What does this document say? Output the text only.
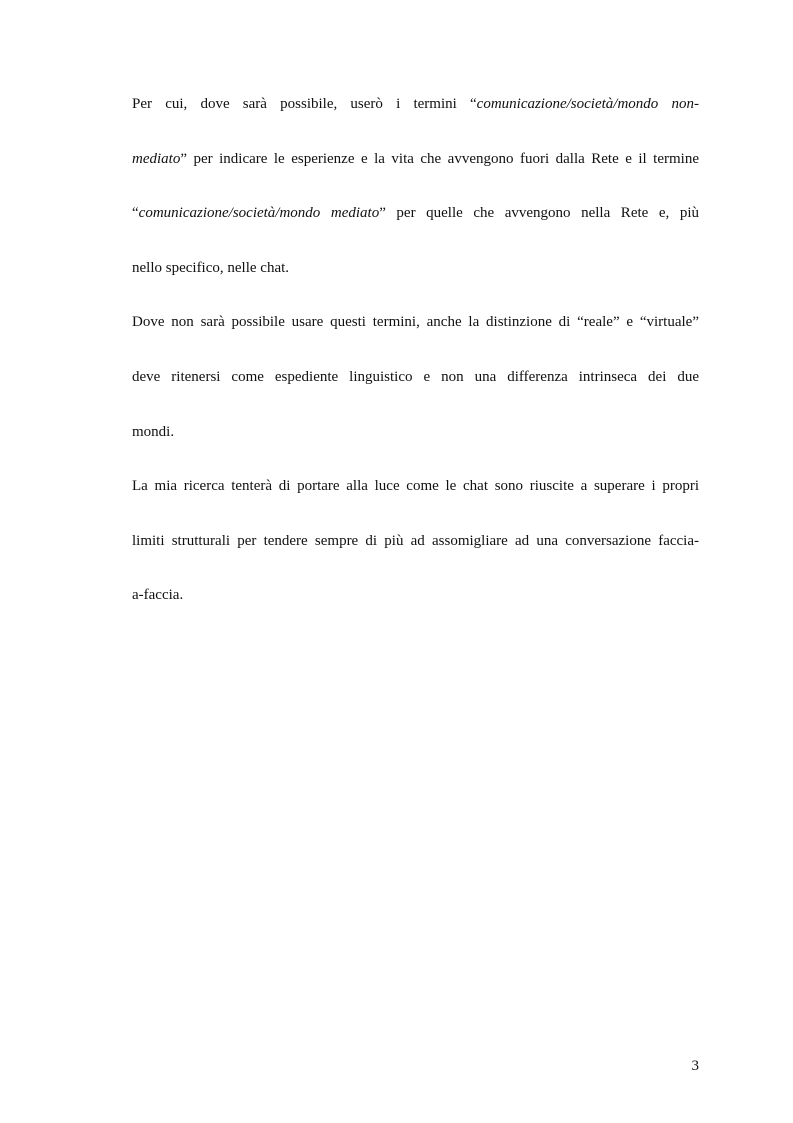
Per cui, dove sarà possibile, userò i termini “comunicazione/società/mondo non-
mediato” per indicare le esperienze e la vita che avvengono fuori dalla Rete e il termine
“comunicazione/società/mondo mediato” per quelle che avvengono nella Rete e, più
nello specifico, nelle chat.
Dove non sarà possibile usare questi termini, anche la distinzione di “reale” e “virtuale”
deve ritenersi come espediente linguistico e non una differenza intrinseca dei due
mondi.
La mia ricerca tenterà di portare alla luce come le chat sono riuscite a superare i propri
limiti strutturali per tendere sempre di più ad assomigliare ad una conversazione faccia-
a-faccia.
3
